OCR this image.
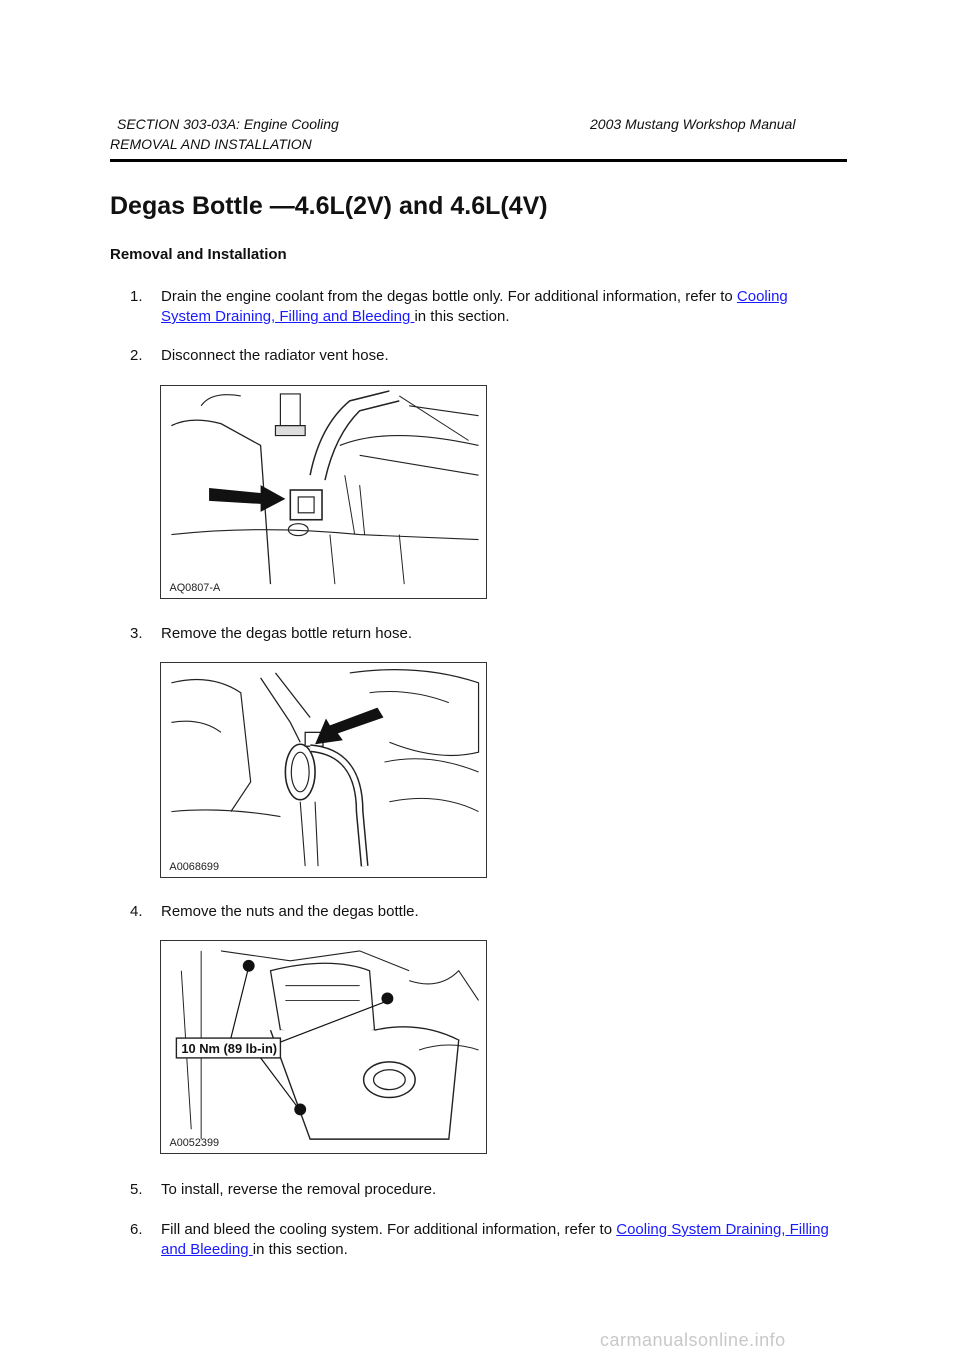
SECTION 303-03A: Engine Cooling	2003 Mustang Workshop Manual
REMOVAL AND INSTALLATION
Degas Bottle —4.6L(2V) and 4.6L(4V)
Removal and Installation
1. Drain the engine coolant from the degas bottle only. For additional information, refer to Cooling System Draining, Filling and Bleeding in this section.
2. Disconnect the radiator vent hose.
AQ0807-A
3. Remove the degas bottle return hose.
A0068699
4. Remove the nuts and the degas bottle.
10 Nm (89 lb-in)
A0052399
5. To install, reverse the removal procedure.
6. Fill and bleed the cooling system. For additional information, refer to Cooling System Draining, Filling and Bleeding in this section.
carmanualsonline.info
